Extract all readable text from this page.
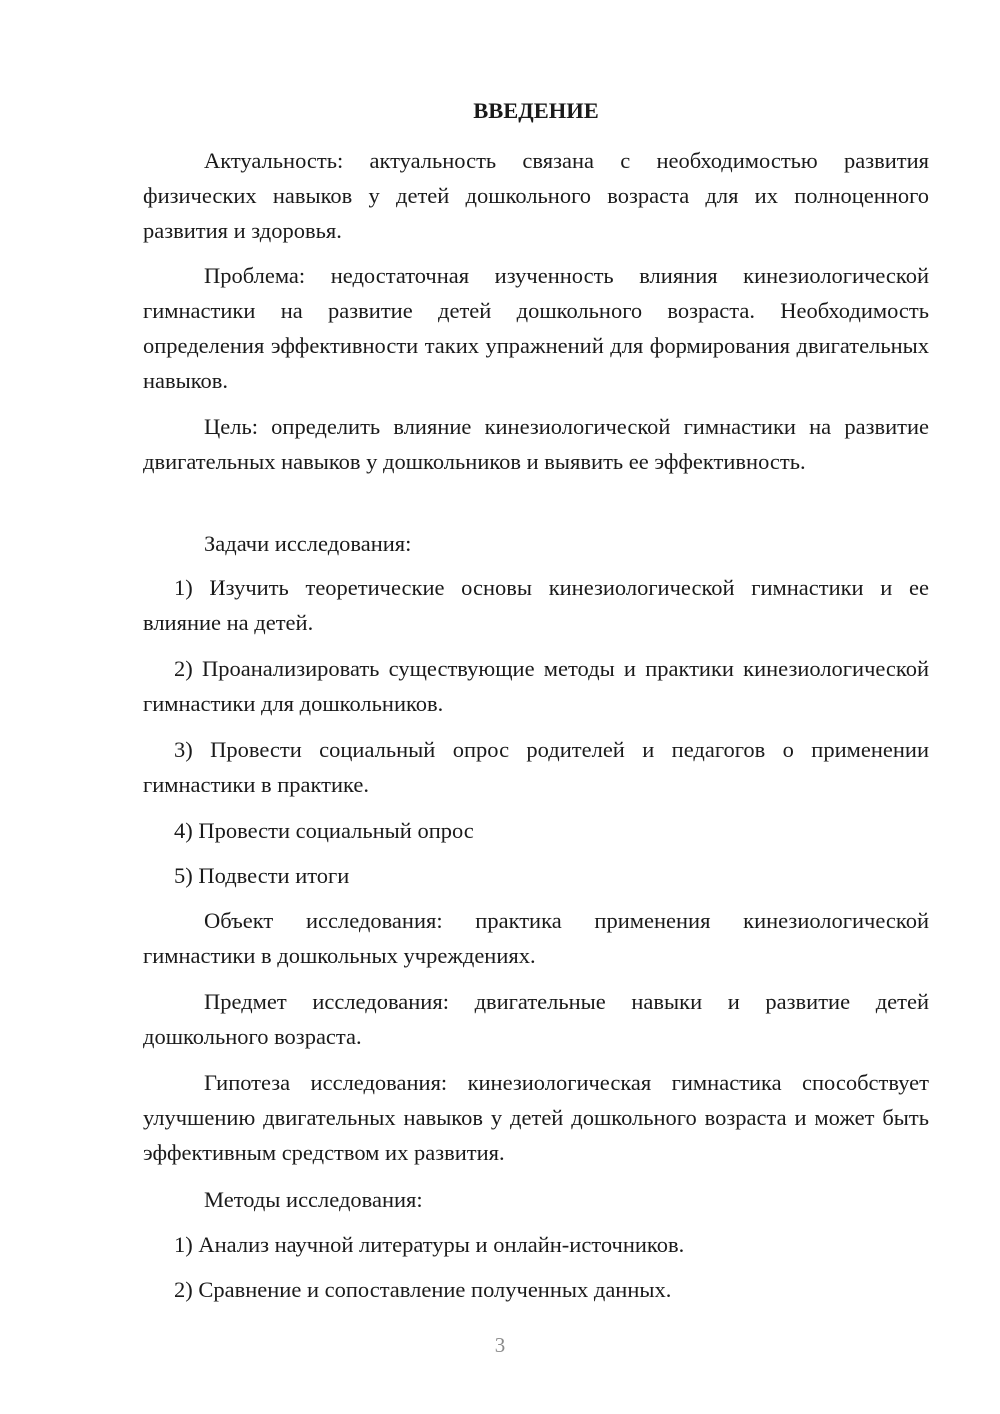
ВВЕДЕНИЕ

Актуальность: актуальность связана с необходимостью развития физических навыков у детей дошкольного возраста для их полноценного развития и здоровья.

Проблема: недостаточная изученность влияния кинезиологической гимнастики на развитие детей дошкольного возраста. Необходимость определения эффективности таких упражнений для формирования двигательных навыков.

Цель: определить влияние кинезиологической гимнастики на развитие двигательных навыков у дошкольников и выявить ее эффективность.

Задачи исследования:

1) Изучить теоретические основы кинезиологической гимнастики и ее влияние на детей.

2) Проанализировать существующие методы и практики кинезиологической гимнастики для дошкольников.

3) Провести социальный опрос родителей и педагогов о применении гимнастики в практике.

4) Провести социальный опрос

5) Подвести итоги

Объект исследования: практика применения кинезиологической гимнастики в дошкольных учреждениях.

Предмет исследования: двигательные навыки и развитие детей дошкольного возраста.

Гипотеза исследования: кинезиологическая гимнастика способствует улучшению двигательных навыков у детей дошкольного возраста и может быть эффективным средством их развития.

Методы исследования:

1) Анализ научной литературы и онлайн-источников.

2) Сравнение и сопоставление полученных данных.

3
